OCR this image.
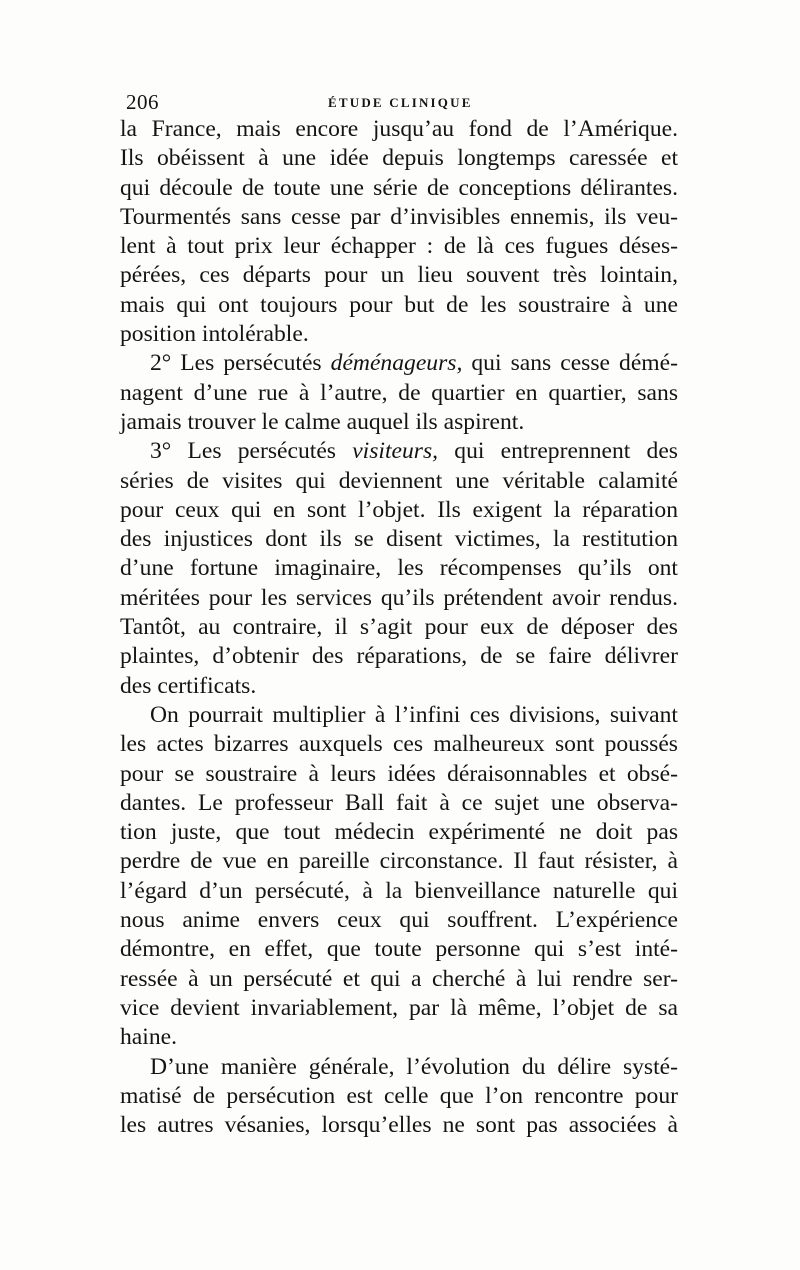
206	ÉTUDE CLINIQUE
la France, mais encore jusqu’au fond de l’Amérique.
Ils obéissent à une idée depuis longtemps caressée et
qui découle de toute une série de conceptions délirantes.
Tourmentés sans cesse par d’invisibles ennemis, ils veu-
lent à tout prix leur échapper : de là ces fugues déses-
pérées, ces départs pour un lieu souvent très lointain,
mais qui ont toujours pour but de les soustraire à une
position intolérable.
2° Les persécutés déménageurs, qui sans cesse démé-
nagent d’une rue à l’autre, de quartier en quartier, sans
jamais trouver le calme auquel ils aspirent.
3° Les persécutés visiteurs, qui entreprennent des
séries de visites qui deviennent une véritable calamité
pour ceux qui en sont l’objet. Ils exigent la réparation
des injustices dont ils se disent victimes, la restitution
d’une fortune imaginaire, les récompenses qu’ils ont
méritées pour les services qu’ils prétendent avoir rendus.
Tantôt, au contraire, il s’agit pour eux de déposer des
plaintes, d’obtenir des réparations, de se faire délivrer
des certificats.
On pourrait multiplier à l’infini ces divisions, suivant
les actes bizarres auxquels ces malheureux sont poussés
pour se soustraire à leurs idées déraisonnables et obsé-
dantes. Le professeur Ball fait à ce sujet une observa-
tion juste, que tout médecin expérimenté ne doit pas
perdre de vue en pareille circonstance. Il faut résister, à
l’égard d’un persécuté, à la bienveillance naturelle qui
nous anime envers ceux qui souffrent. L’expérience
démontre, en effet, que toute personne qui s’est inté-
ressée à un persécuté et qui a cherché à lui rendre ser-
vice devient invariablement, par là même, l’objet de sa
haine.
D’une manière générale, l’évolution du délire systé-
matisé de persécution est celle que l’on rencontre pour
les autres vésanies, lorsqu’elles ne sont pas associées à
